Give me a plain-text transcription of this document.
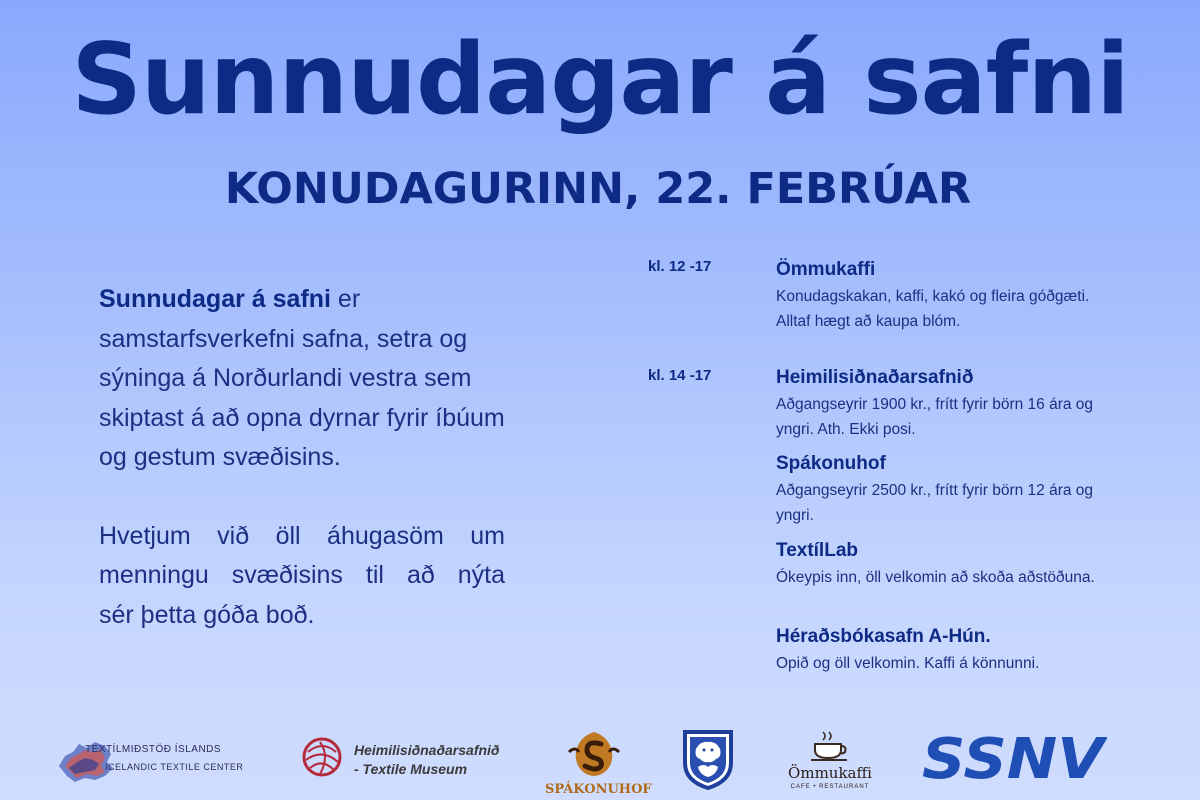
Sunnudagar á safni
KONUDAGURINN, 22. FEBRÚAR

Sunnudagar á safni er samstarfsverkefni safna, setra og sýninga á Norðurlandi vestra sem skiptast á að opna dyrnar fyrir íbúum og gestum svæðisins.

Hvetjum við öll áhugasöm um menningu svæðisins til að nýta
sér þetta góða boð.

kl. 12 -17
kl. 14 -17
Ömmukaffi
Konudagskakan, kaffi, kakó og fleira góðgæti. Alltaf hægt að kaupa blóm.
Heimilisiðnaðarsafnið
Aðgangseyrir 1900 kr., frítt fyrir börn 16 ára og yngri. Ath. Ekki posi.
Spákonuhof
Aðgangseyrir 2500 kr., frítt fyrir börn 12 ára og yngri.
TextílLab
Ókeypis inn, öll velkomin að skoða aðstöðuna.
Héraðsbókasafn A-Hún.
Opið og öll velkomin. Kaffi á könnunni.
TEXTÍLMIÐSTÖÐ ÍSLANDS
ICELANDIC TEXTILE CENTER
Heimilisiðnaðarsafnið
- Textile Museum
SPÁKONUHOF
Ömmukaffi
CAFE • RESTAURANT SSNV
